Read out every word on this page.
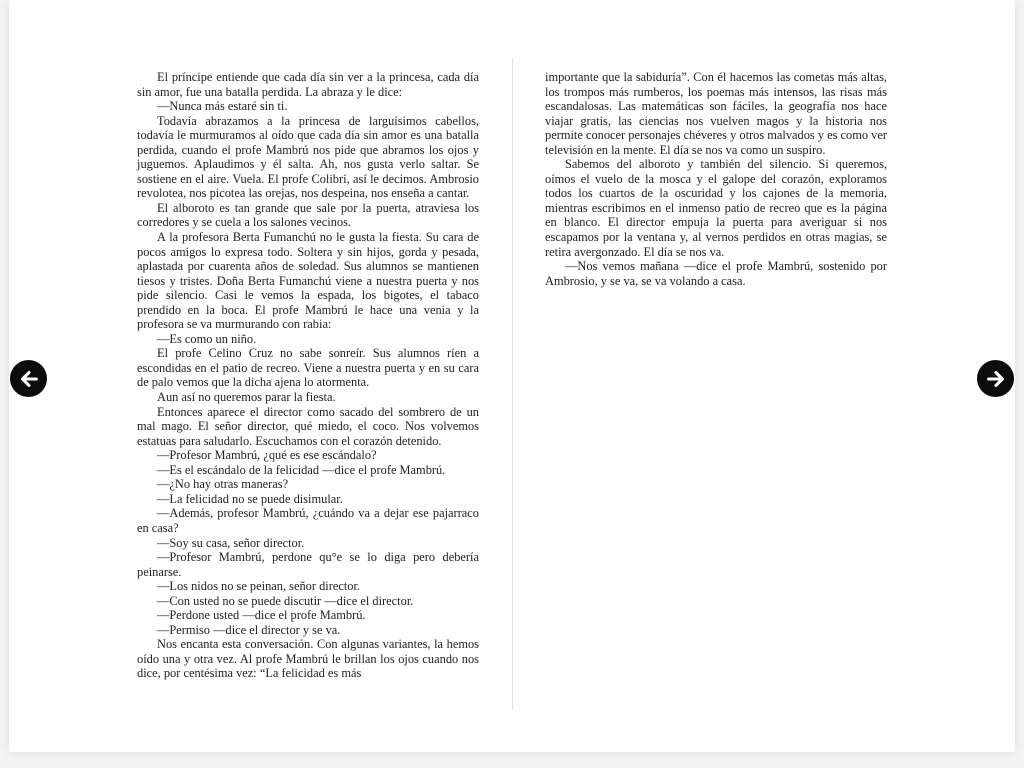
El príncipe entiende que cada día sin ver a la princesa, cada día sin amor, fue una batalla perdida. La abraza y le dice:

—Nunca más estaré sin ti.

Todavía abrazamos a la princesa de larguísimos cabellos, todavía le murmuramos al oído que cada día sin amor es una batalla perdida, cuando el profe Mambrú nos pide que abramos los ojos y juguemos. Aplaudimos y él salta. Ah, nos gusta verlo saltar. Se sostiene en el aire. Vuela. El profe Colibrí, así le decimos. Ambrosio revolotea, nos picotea las orejas, nos despeina, nos enseña a cantar.

El alboroto es tan grande que sale por la puerta, atraviesa los corredores y se cuela a los salones vecinos.

A la profesora Berta Fumanchú no le gusta la fiesta. Su cara de pocos amigos lo expresa todo. Soltera y sin hijos, gorda y pesada, aplastada por cuarenta años de soledad. Sus alumnos se mantienen tiesos y tristes. Doña Berta Fumanchú viene a nuestra puerta y nos pide silencio. Casi le vemos la espada, los bigotes, el tabaco prendido en la boca. El profe Mambrú le hace una venia y la profesora se va murmurando con rabia:

—Es como un niño.

El profe Celino Cruz no sabe sonreír. Sus alumnos ríen a escondidas en el patio de recreo. Viene a nuestra puerta y en su cara de palo vemos que la dicha ajena lo atormenta.

Aun así no queremos parar la fiesta.

Entonces aparece el director como sacado del sombrero de un mal mago. El señor director, qué miedo, el coco. Nos volvemos estatuas para saludarlo. Escuchamos con el corazón detenido.

—Profesor Mambrú, ¿qué es ese escándalo?

—Es el escándalo de la felicidad —dice el profe Mambrú.

—¿No hay otras maneras?

—La felicidad no se puede disimular.

—Además, profesor Mambrú, ¿cuándo va a dejar ese pajarraco en casa?

—Soy su casa, señor director.

—Profesor Mambrú, perdone qu°e se lo diga pero debería peinarse.

—Los nidos no se peinan, señor director.

—Con usted no se puede discutir —dice el director.

—Perdone usted —dice el profe Mambrú.

—Permiso —dice el director y se va.

Nos encanta esta conversación. Con algunas variantes, la hemos oído una y otra vez. Al profe Mambrú le brillan los ojos cuando nos dice, por centésima vez: “La felicidad es más

importante que la sabiduría”. Con él hacemos las cometas más altas, los trompos más rumberos, los poemas más intensos, las risas más escandalosas. Las matemáticas son fáciles, la geografía nos hace viajar gratis, las ciencias nos vuelven magos y la historia nos permite conocer personajes chéveres y otros malvados y es como ver televisión en la mente. El día se nos va como un suspiro.

Sabemos del alboroto y también del silencio. Si queremos, oímos el vuelo de la mosca y el galope del corazón, exploramos todos los cuartos de la oscuridad y los cajones de la memoria, mientras escribimos en el inmenso patio de recreo que es la página en blanco. El director empuja la puerta para averiguar si nos escapamos por la ventana y, al vernos perdidos en otras magias, se retira avergonzado. El día se nos va.

—Nos vemos mañana —dice el profe Mambrú, sostenido por Ambrosio, y se va, se va volando a casa.
